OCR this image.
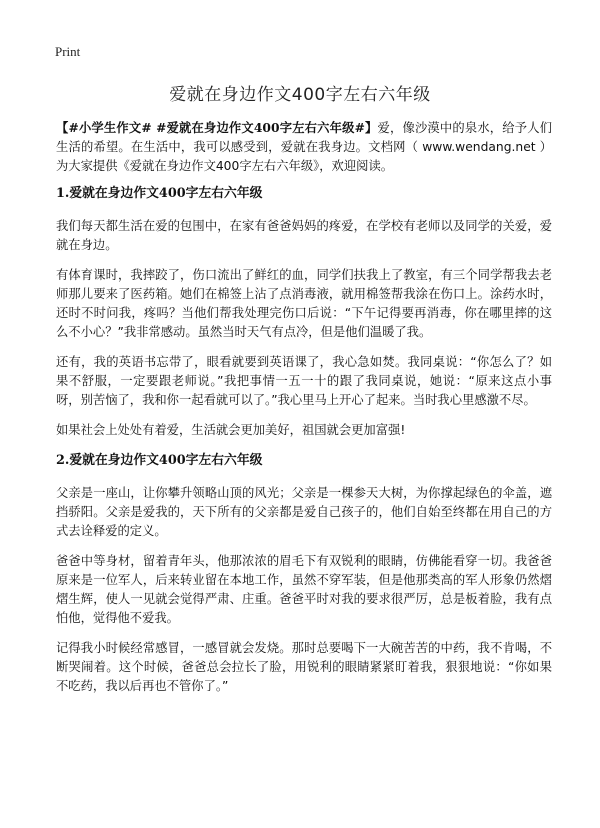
Print
爱就在身边作文400字左右六年级

【#小学生作文# #爱就在身边作文400字左右六年级#】爱，像沙漠中的泉水，给予人们生活的希望。在生活中，我可以感受到，爱就在我身边。文档网（ www.wendang.net ）为大家提供《爱就在身边作文400字左右六年级》，欢迎阅读。

1.爱就在身边作文400字左右六年级

我们每天都生活在爱的包围中，在家有爸爸妈妈的疼爱，在学校有老师以及同学的关爱，爱就在身边。

有体育课时，我摔跤了，伤口流出了鲜红的血，同学们扶我上了教室，有三个同学帮我去老师那儿要来了医药箱。她们在棉签上沾了点消毒液，就用棉签帮我涂在伤口上。涂药水时，还时不时问我，疼吗？当他们帮我处理完伤口后说：“下午记得要再消毒，你在哪里摔的这么不小心？”我非常感动。虽然当时天气有点冷，但是他们温暖了我。

还有，我的英语书忘带了，眼看就要到英语课了，我心急如焚。我同桌说：“你怎么了？如果不舒服，一定要跟老师说。”我把事情一五一十的跟了我同桌说，她说：“原来这点小事呀，别苦恼了，我和你一起看就可以了。”我心里马上开心了起来。当时我心里感激不尽。

如果社会上处处有着爱，生活就会更加美好，祖国就会更加富强!

2.爱就在身边作文400字左右六年级

父亲是一座山，让你攀升领略山顶的风光；父亲是一棵参天大树，为你撑起绿色的伞盖，遮挡骄阳。父亲是爱我的，天下所有的父亲都是爱自己孩子的，他们自始至终都在用自己的方式去诠释爱的定义。

爸爸中等身材，留着青年头，他那浓浓的眉毛下有双锐利的眼睛，仿佛能看穿一切。我爸爸原来是一位军人，后来转业留在本地工作，虽然不穿军装，但是他那类高的军人形象仍然熠熠生辉，使人一见就会觉得严肃、庄重。爸爸平时对我的要求很严厉，总是板着脸，我有点怕他，觉得他不爱我。

记得我小时候经常感冒，一感冒就会发烧。那时总要喝下一大碗苦苦的中药，我不肯喝，不断哭闹着。这个时候，爸爸总会拉长了脸，用锐利的眼睛紧紧盯着我，狠狠地说：“你如果不吃药，我以后再也不管你了。”
